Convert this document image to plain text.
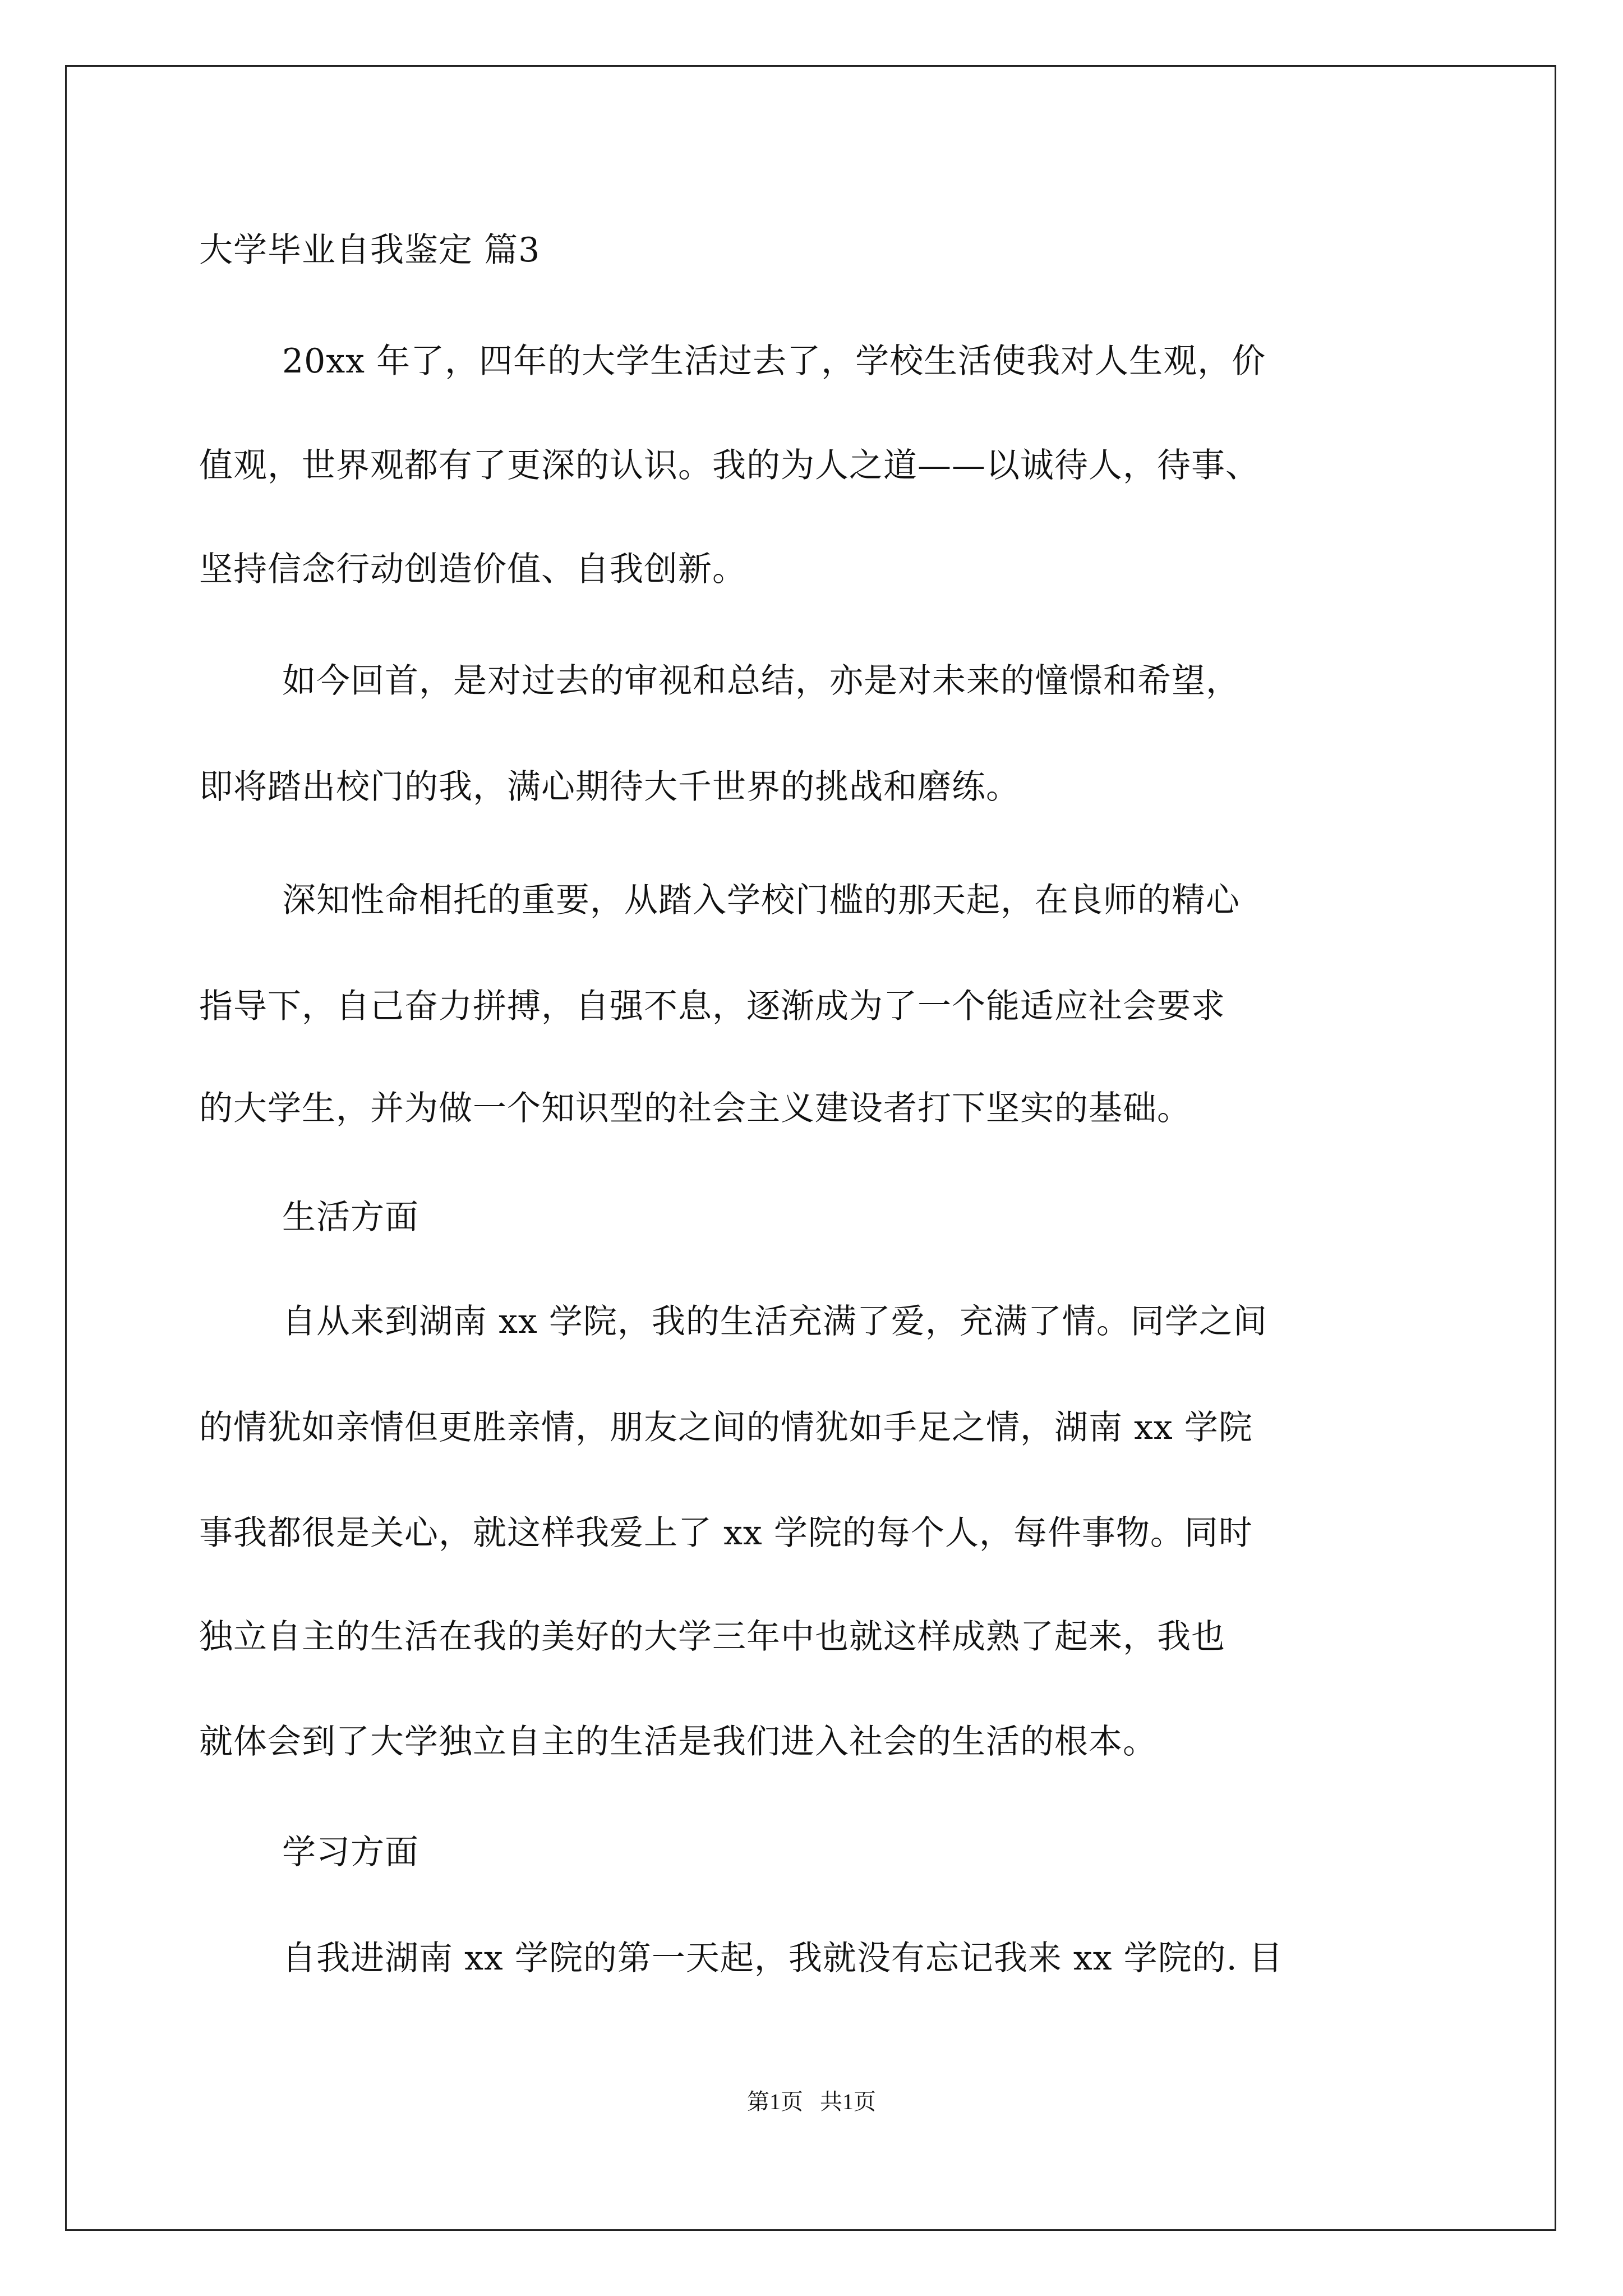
大学毕业自我鉴定 篇3
20xx 年了，四年的大学生活过去了，学校生活使我对人生观，价
值观，世界观都有了更深的认识。我的为人之道——以诚待人，待事、
坚持信念行动创造价值、自我创新。
如今回首，是对过去的审视和总结，亦是对未来的憧憬和希望，
即将踏出校门的我，满心期待大千世界的挑战和磨练。
深知性命相托的重要，从踏入学校门槛的那天起，在良师的精心
指导下，自己奋力拼搏，自强不息，逐渐成为了一个能适应社会要求
的大学生，并为做一个知识型的社会主义建设者打下坚实的基础。
生活方面
自从来到湖南 xx 学院，我的生活充满了爱，充满了情。同学之间
的情犹如亲情但更胜亲情，朋友之间的情犹如手足之情，湖南 xx 学院
事我都很是关心，就这样我爱上了 xx 学院的每个人，每件事物。同时
独立自主的生活在我的美好的大学三年中也就这样成熟了起来，我也
就体会到了大学独立自主的生活是我们进入社会的生活的根本。
学习方面
自我进湖南 xx 学院的第一天起，我就没有忘记我来 xx 学院的. 目
第1页   共1页
